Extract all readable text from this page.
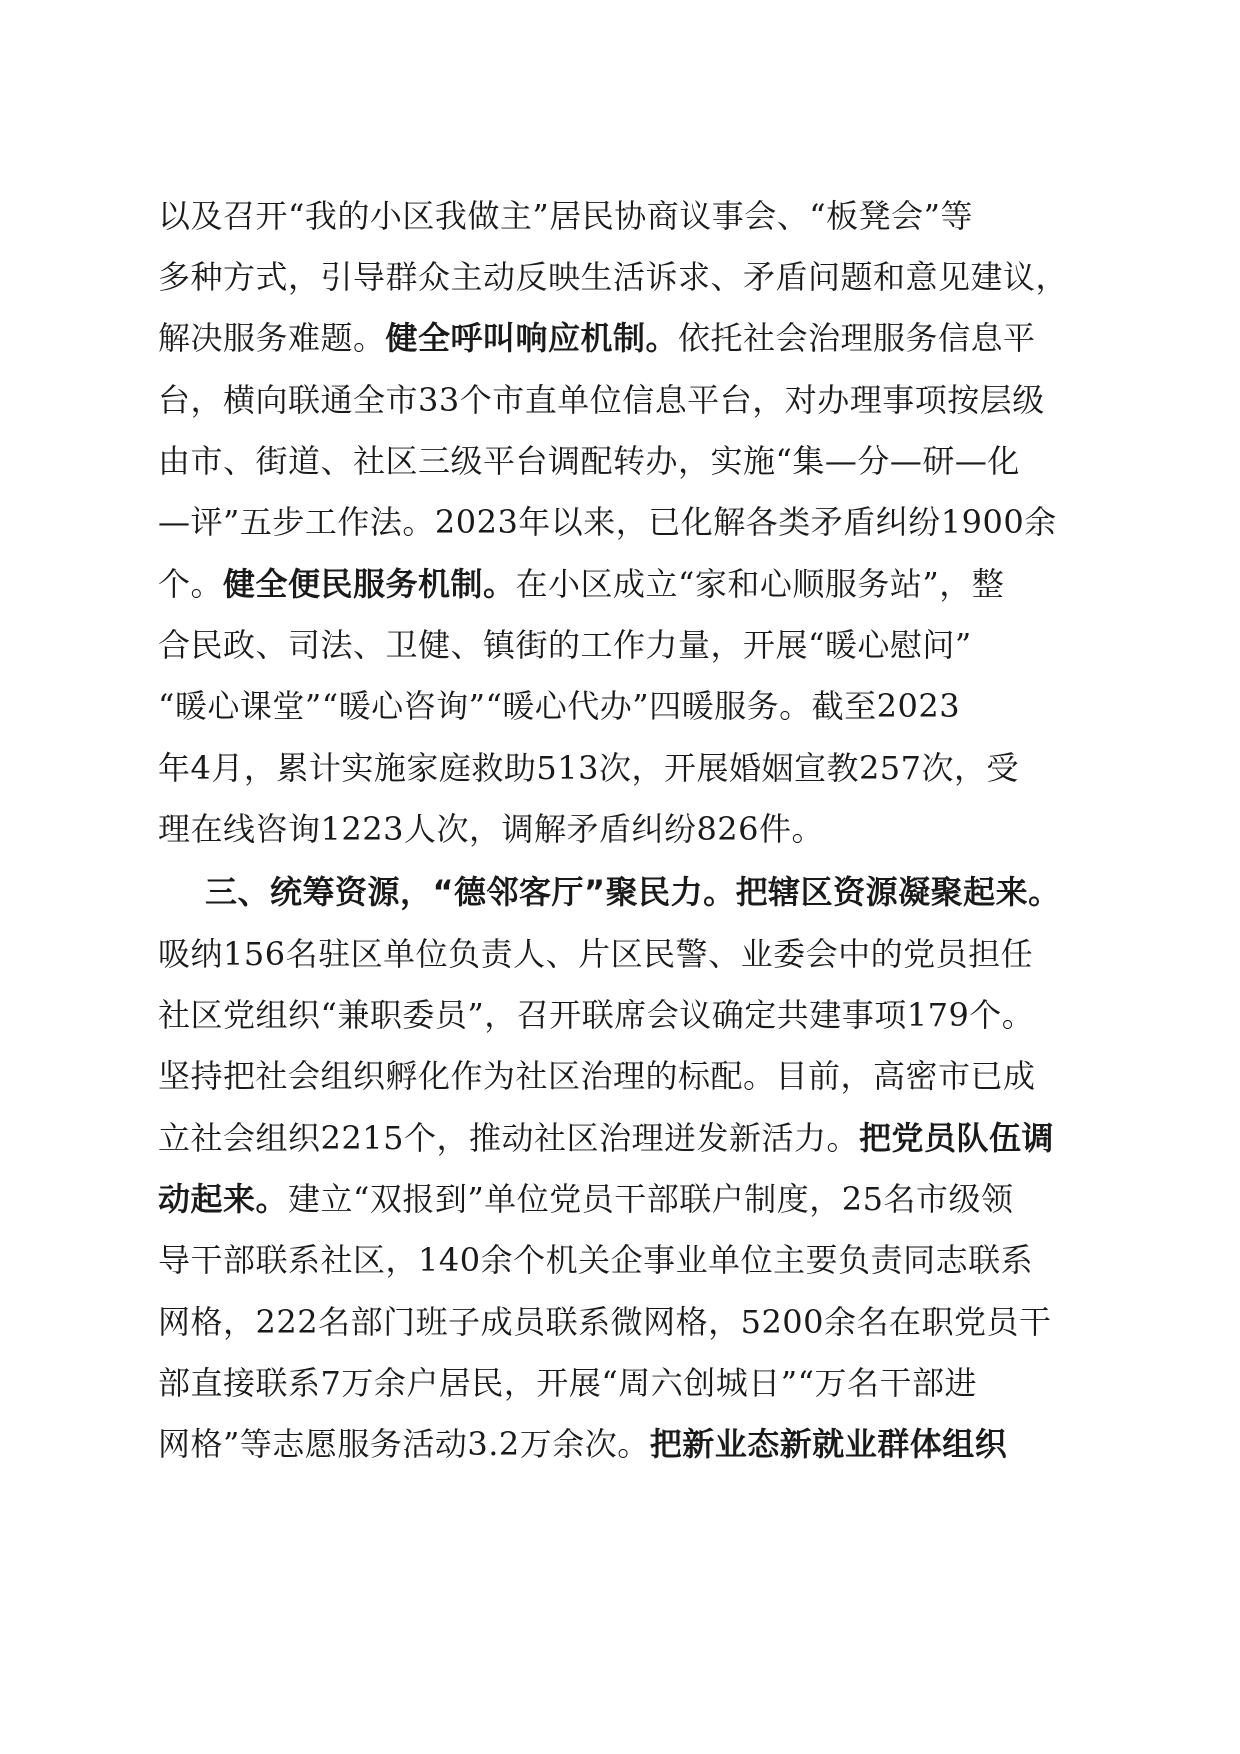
以及召开“我的小区我做主”居民协商议事会、“板凳会”等
多种方式，引导群众主动反映生活诉求、矛盾问题和意见建议，
解决服务难题。健全呼叫响应机制。依托社会治理服务信息平
台，横向联通全市33个市直单位信息平台，对办理事项按层级
由市、街道、社区三级平台调配转办，实施“集—分—研—化
—评”五步工作法。2023年以来，已化解各类矛盾纠纷1900余
个。健全便民服务机制。在小区成立“家和心顺服务站”，整
合民政、司法、卫健、镇街的工作力量，开展“暖心慰问”
“暖心课堂”“暖心咨询”“暖心代办”四暖服务。截至2023
年4月，累计实施家庭救助513次，开展婚姻宣教257次，受
理在线咨询1223人次，调解矛盾纠纷826件。
三、统筹资源，“德邻客厅”聚民力。把辖区资源凝聚起来。
吸纳156名驻区单位负责人、片区民警、业委会中的党员担任
社区党组织“兼职委员”，召开联席会议确定共建事项179个。
坚持把社会组织孵化作为社区治理的标配。目前，高密市已成
立社会组织2215个，推动社区治理迸发新活力。把党员队伍调
动起来。建立“双报到”单位党员干部联户制度，25名市级领
导干部联系社区，140余个机关企事业单位主要负责同志联系
网格，222名部门班子成员联系微网格，5200余名在职党员干
部直接联系7万余户居民，开展“周六创城日”“万名干部进
网格”等志愿服务活动3.2万余次。把新业态新就业群体组织
